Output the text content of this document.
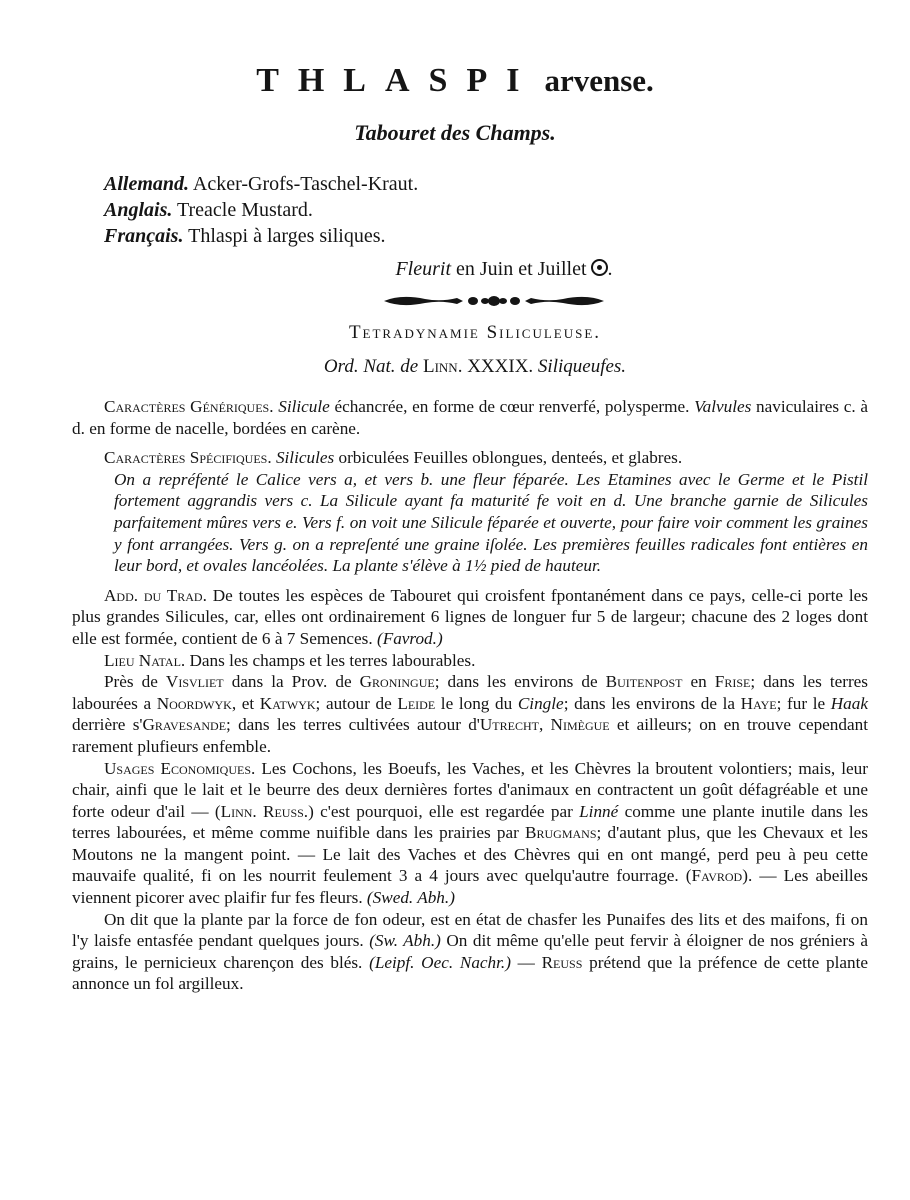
THLASPI arvense.
Tabouret des Champs.
Allemand. Acker-Grofs-Taschel-Kraut.
Anglais. Treacle Mustard.
Français. Thlaspi à larges siliques.
Fleurit en Juin et Juillet .
Tetradynamie Siliculeuse.
Ord. Nat. de Linn. XXXIX. Siliqueufes.

Caractères Génériques. Silicule échancrée, en forme de cœur renverfé, polysperme. Valvules naviculaires c. à d. en forme de nacelle, bordées en carène.

Caractères Spécifiques. Silicules orbiculées Feuilles oblongues, denteés, et glabres.

On a repréfenté le Calice vers a, et vers b. une fleur féparée. Les Etamines avec le Germe et le Pistil fortement aggrandis vers c. La Silicule ayant fa maturité fe voit en d. Une branche garnie de Silicules parfaitement mûres vers e. Vers f. on voit une Silicule féparée et ouverte, pour faire voir comment les graines y font arrangées. Vers g. on a repreſenté une graine iſolée. Les premières feuilles radicales font entières en leur bord, et ovales lancéolées. La plante s'élève à 1½ pied de hauteur.

Add. du Trad. De toutes les espèces de Tabouret qui croisfent fpontanément dans ce pays, celle-ci porte les plus grandes Silicules, car, elles ont ordinairement 6 lignes de longuer fur 5 de largeur; chacune des 2 loges dont elle est formée, contient de 6 à 7 Semences. (Favrod.)

Lieu Natal. Dans les champs et les terres labourables.

Près de Visvliet dans la Prov. de Groningue; dans les environs de Buitenpost en Frise; dans les terres labourées a Noordwyk, et Katwyk; autour de Leide le long du Cingle; dans les environs de la Haye; fur le Haak derrière s'Gravesande; dans les terres cultivées autour d'Utrecht, Nimègue et ailleurs; on en trouve cependant rarement plufieurs enfemble.

Usages Economiques. Les Cochons, les Boeufs, les Vaches, et les Chèvres la broutent volontiers; mais, leur chair, ainfi que le lait et le beurre des deux dernières fortes d'animaux en contractent un goût défagréable et une forte odeur d'ail — (Linn. Reuss.) c'est pourquoi, elle est regardée par Linné comme une plante inutile dans les terres labourées, et même comme nuifible dans les prairies par Brugmans; d'autant plus, que les Chevaux et les Moutons ne la mangent point. — Le lait des Vaches et des Chèvres qui en ont mangé, perd peu à peu cette mauvaife qualité, fi on les nourrit feulement 3 a 4 jours avec quelqu'autre fourrage. (Favrod). — Les abeilles viennent picorer avec plaifir fur fes fleurs. (Swed. Abh.)

On dit que la plante par la force de fon odeur, est en état de chasfer les Punaifes des lits et des maifons, fi on l'y laisfe entasfée pendant quelques jours. (Sw. Abh.) On dit même qu'elle peut fervir à éloigner de nos gréniers à grains, le pernicieux charençon des blés. (Leipf. Oec. Nachr.) — Reuss prétend que la préfence de cette plante annonce un fol argilleux.
